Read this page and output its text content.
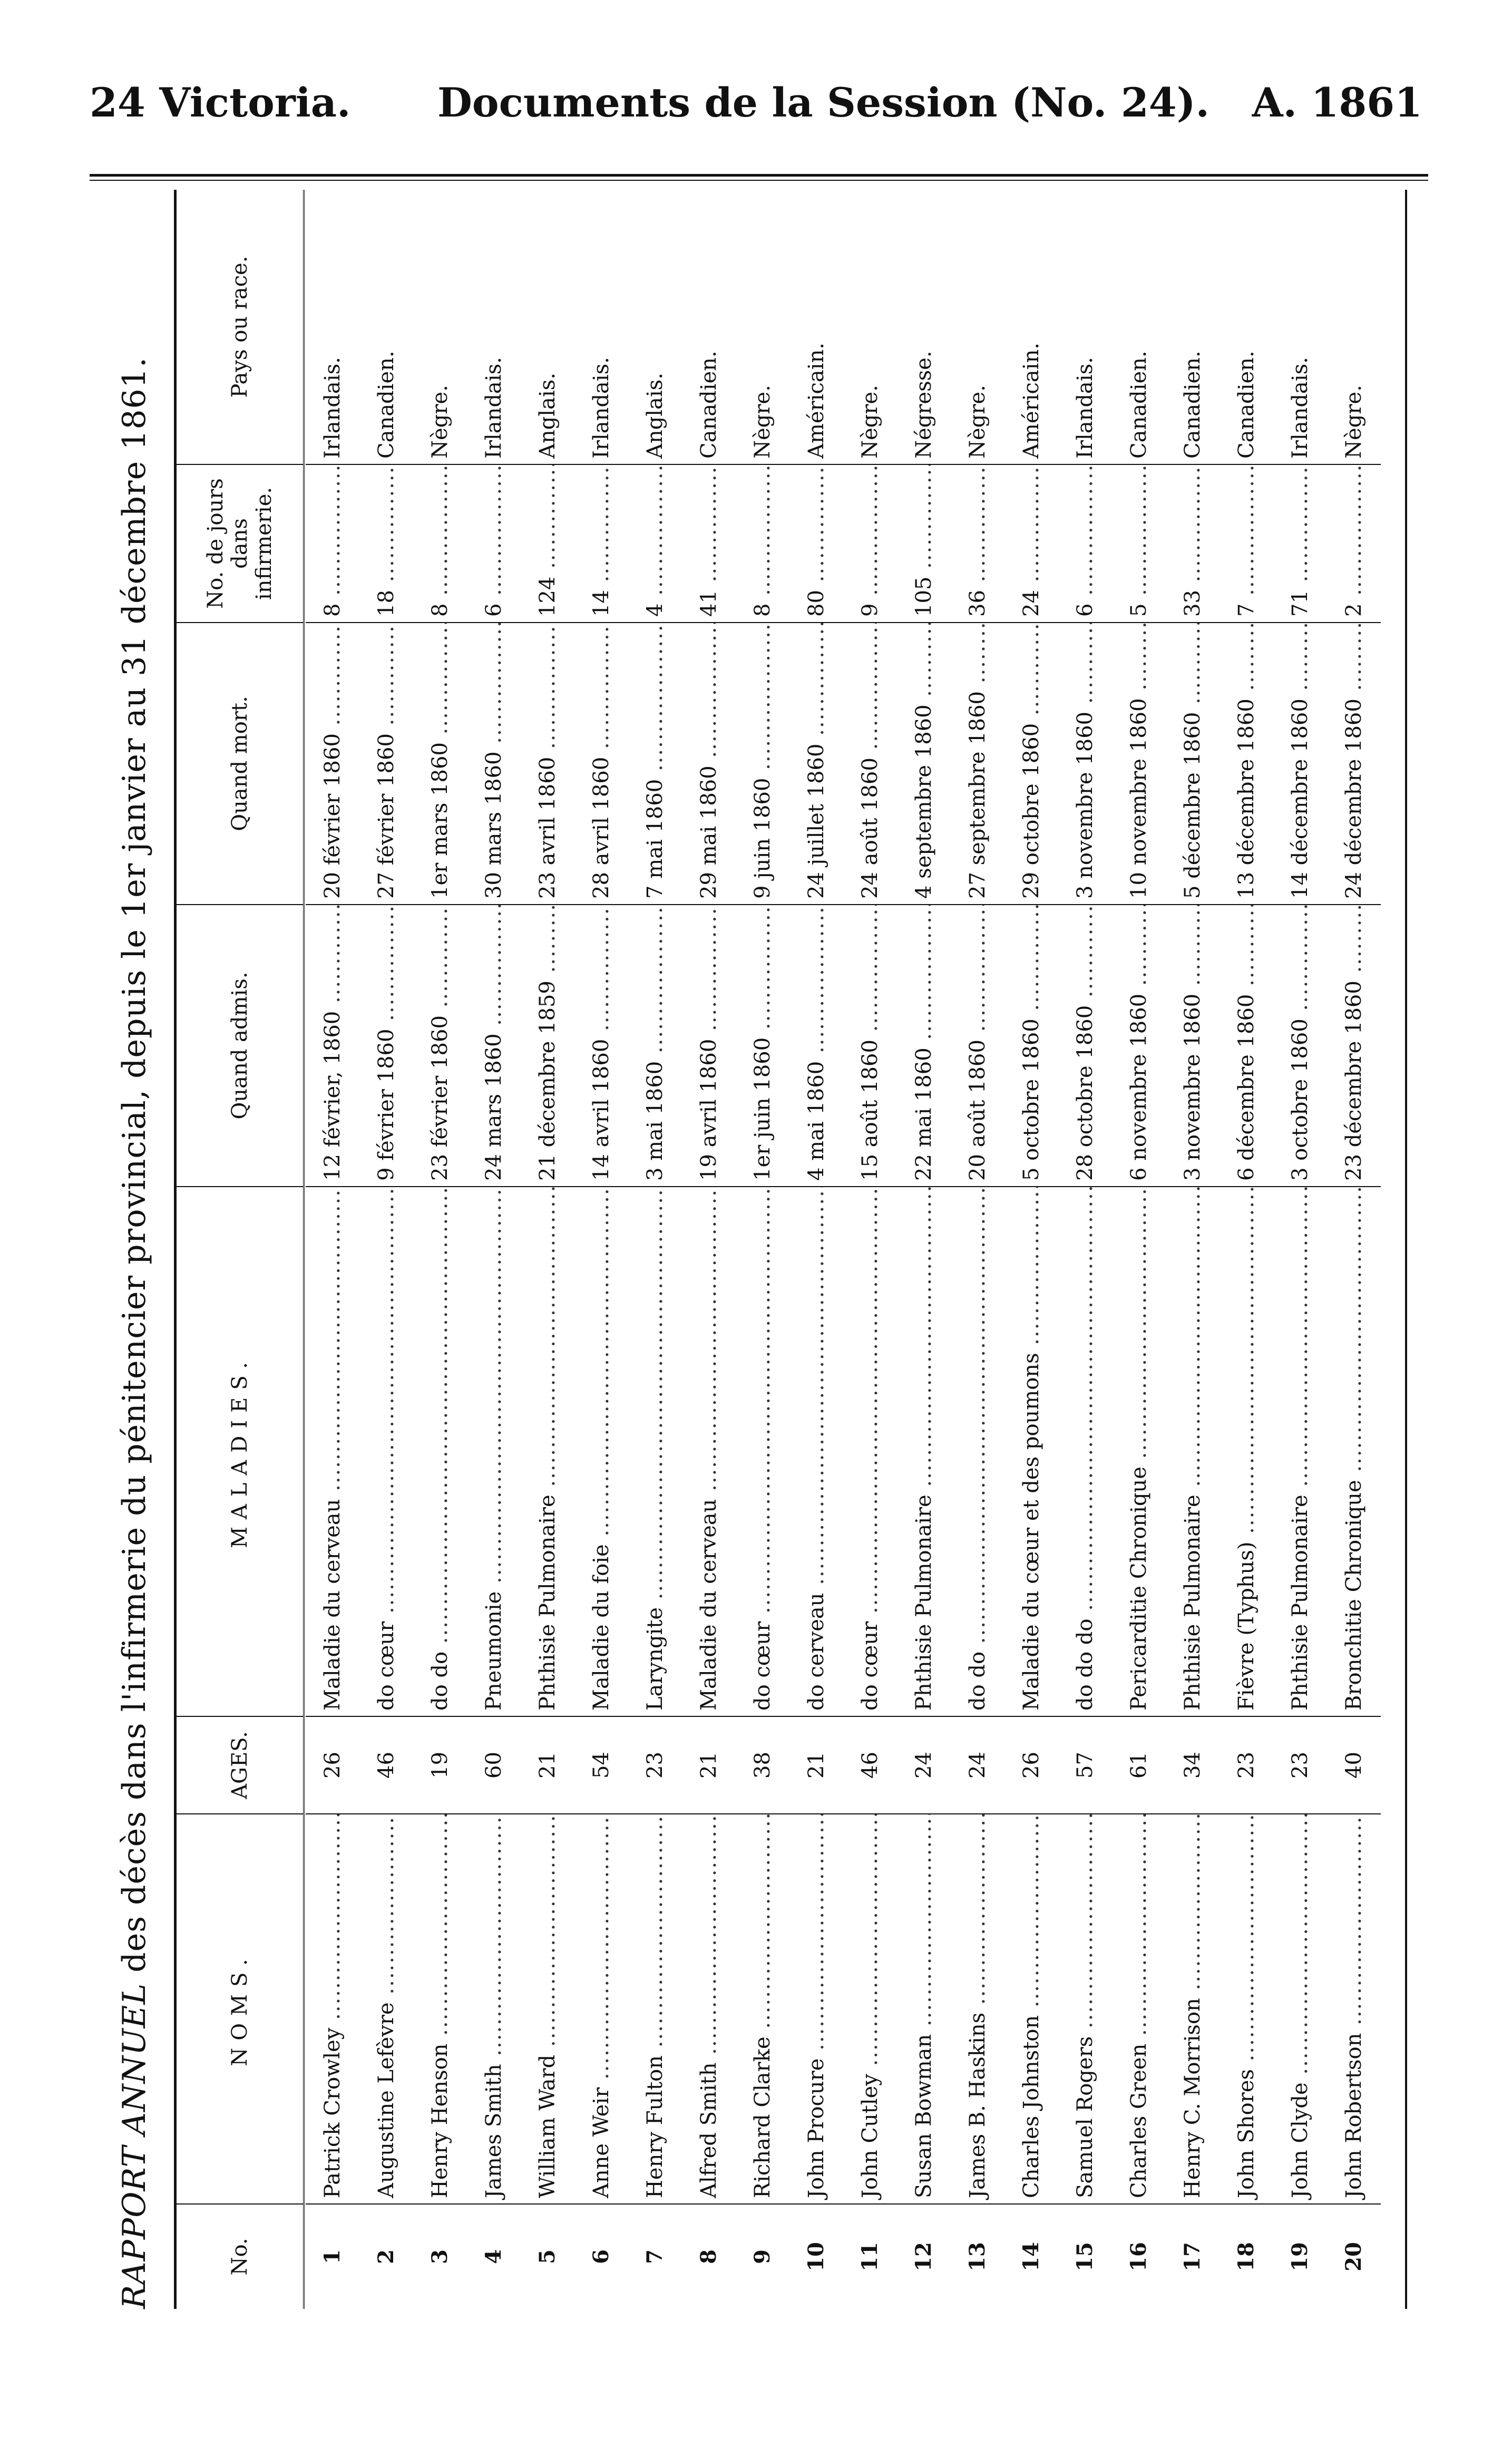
24 Victoria. Documents de la Session (No. 24). A. 1861
RAPPORT ANNUEL des décès dans l'infirmerie du pénitencier provincial, depuis le 1er janvier au 31 décembre 1861.
No.
NOMS.
AGES.
MALADIES.
Quand admis.
Quand mort.
No. de jours dans infirmerie.
Pays ou race.
1
Patrick Crowley .....
26
Maladie du cerveau .....
12 février, 1860 .....
20 février 1860 .....
8 .....
Irlandais.
2
Augustine Lefèvre .....
46
do cœur .....
9 février 1860 .....
27 février 1860 .....
18 .....
Canadien.
3
Henry Henson .....
19
do do .....
23 février 1860 .....
1er mars 1860 .....
8 .....
Nègre.
4
James Smith .....
60
Pneumonie .....
24 mars 1860 .....
30 mars 1860 .....
6 .....
Irlandais.
5
William Ward .....
21
Phthisie Pulmonaire .....
21 décembre 1859 .....
23 avril 1860 .....
124 .....
Anglais.
6
Anne Weir .....
54
Maladie du foie .....
14 avril 1860 .....
28 avril 1860 .....
14 .....
Irlandais.
7
Henry Fulton .....
23
Laryngite .....
3 mai 1860 .....
7 mai 1860 .....
4 .....
Anglais.
8
Alfred Smith .....
21
Maladie du cerveau .....
19 avril 1860 .....
29 mai 1860 .....
41 .....
Canadien.
9
Richard Clarke .....
38
do cœur .....
1er juin 1860 .....
9 juin 1860 .....
8 .....
Nègre.
10
John Procure .....
21
do cerveau .....
4 mai 1860 .....
24 juillet 1860 .....
80 .....
Américain.
11
John Cutley .....
46
do cœur .....
15 août 1860 .....
24 août 1860 .....
9 .....
Nègre.
12
Susan Bowman .....
24
Phthisie Pulmonaire .....
22 mai 1860 .....
4 septembre 1860 .....
105 .....
Négresse.
13
James B. Haskins .....
24
do do .....
20 août 1860 .....
27 septembre 1860 .....
36 .....
Nègre.
14
Charles Johnston .....
26
Maladie du cœur et des poumons .....
5 octobre 1860 .....
29 octobre 1860 .....
24 .....
Américain.
15
Samuel Rogers .....
57
do do do .....
28 octobre 1860 .....
3 novembre 1860 .....
6 .....
Irlandais.
16
Charles Green .....
61
Pericarditie Chronique .....
6 novembre 1860 .....
10 novembre 1860 .....
5 .....
Canadien.
17
Henry C. Morrison .....
34
Phthisie Pulmonaire .....
3 novembre 1860 .....
5 décembre 1860 .....
33 .....
Canadien.
18
John Shores .....
23
Fièvre (Typhus) .....
6 décembre 1860 .....
13 décembre 1860 .....
7 .....
Canadien.
19
John Clyde .....
23
Phthisie Pulmonaire .....
3 octobre 1860 .....
14 décembre 1860 .....
71 .....
Irlandais.
20
John Robertson .....
40
Bronchitie Chronique .....
23 décembre 1860 .....
24 décembre 1860 .....
2 .....
Nègre.
